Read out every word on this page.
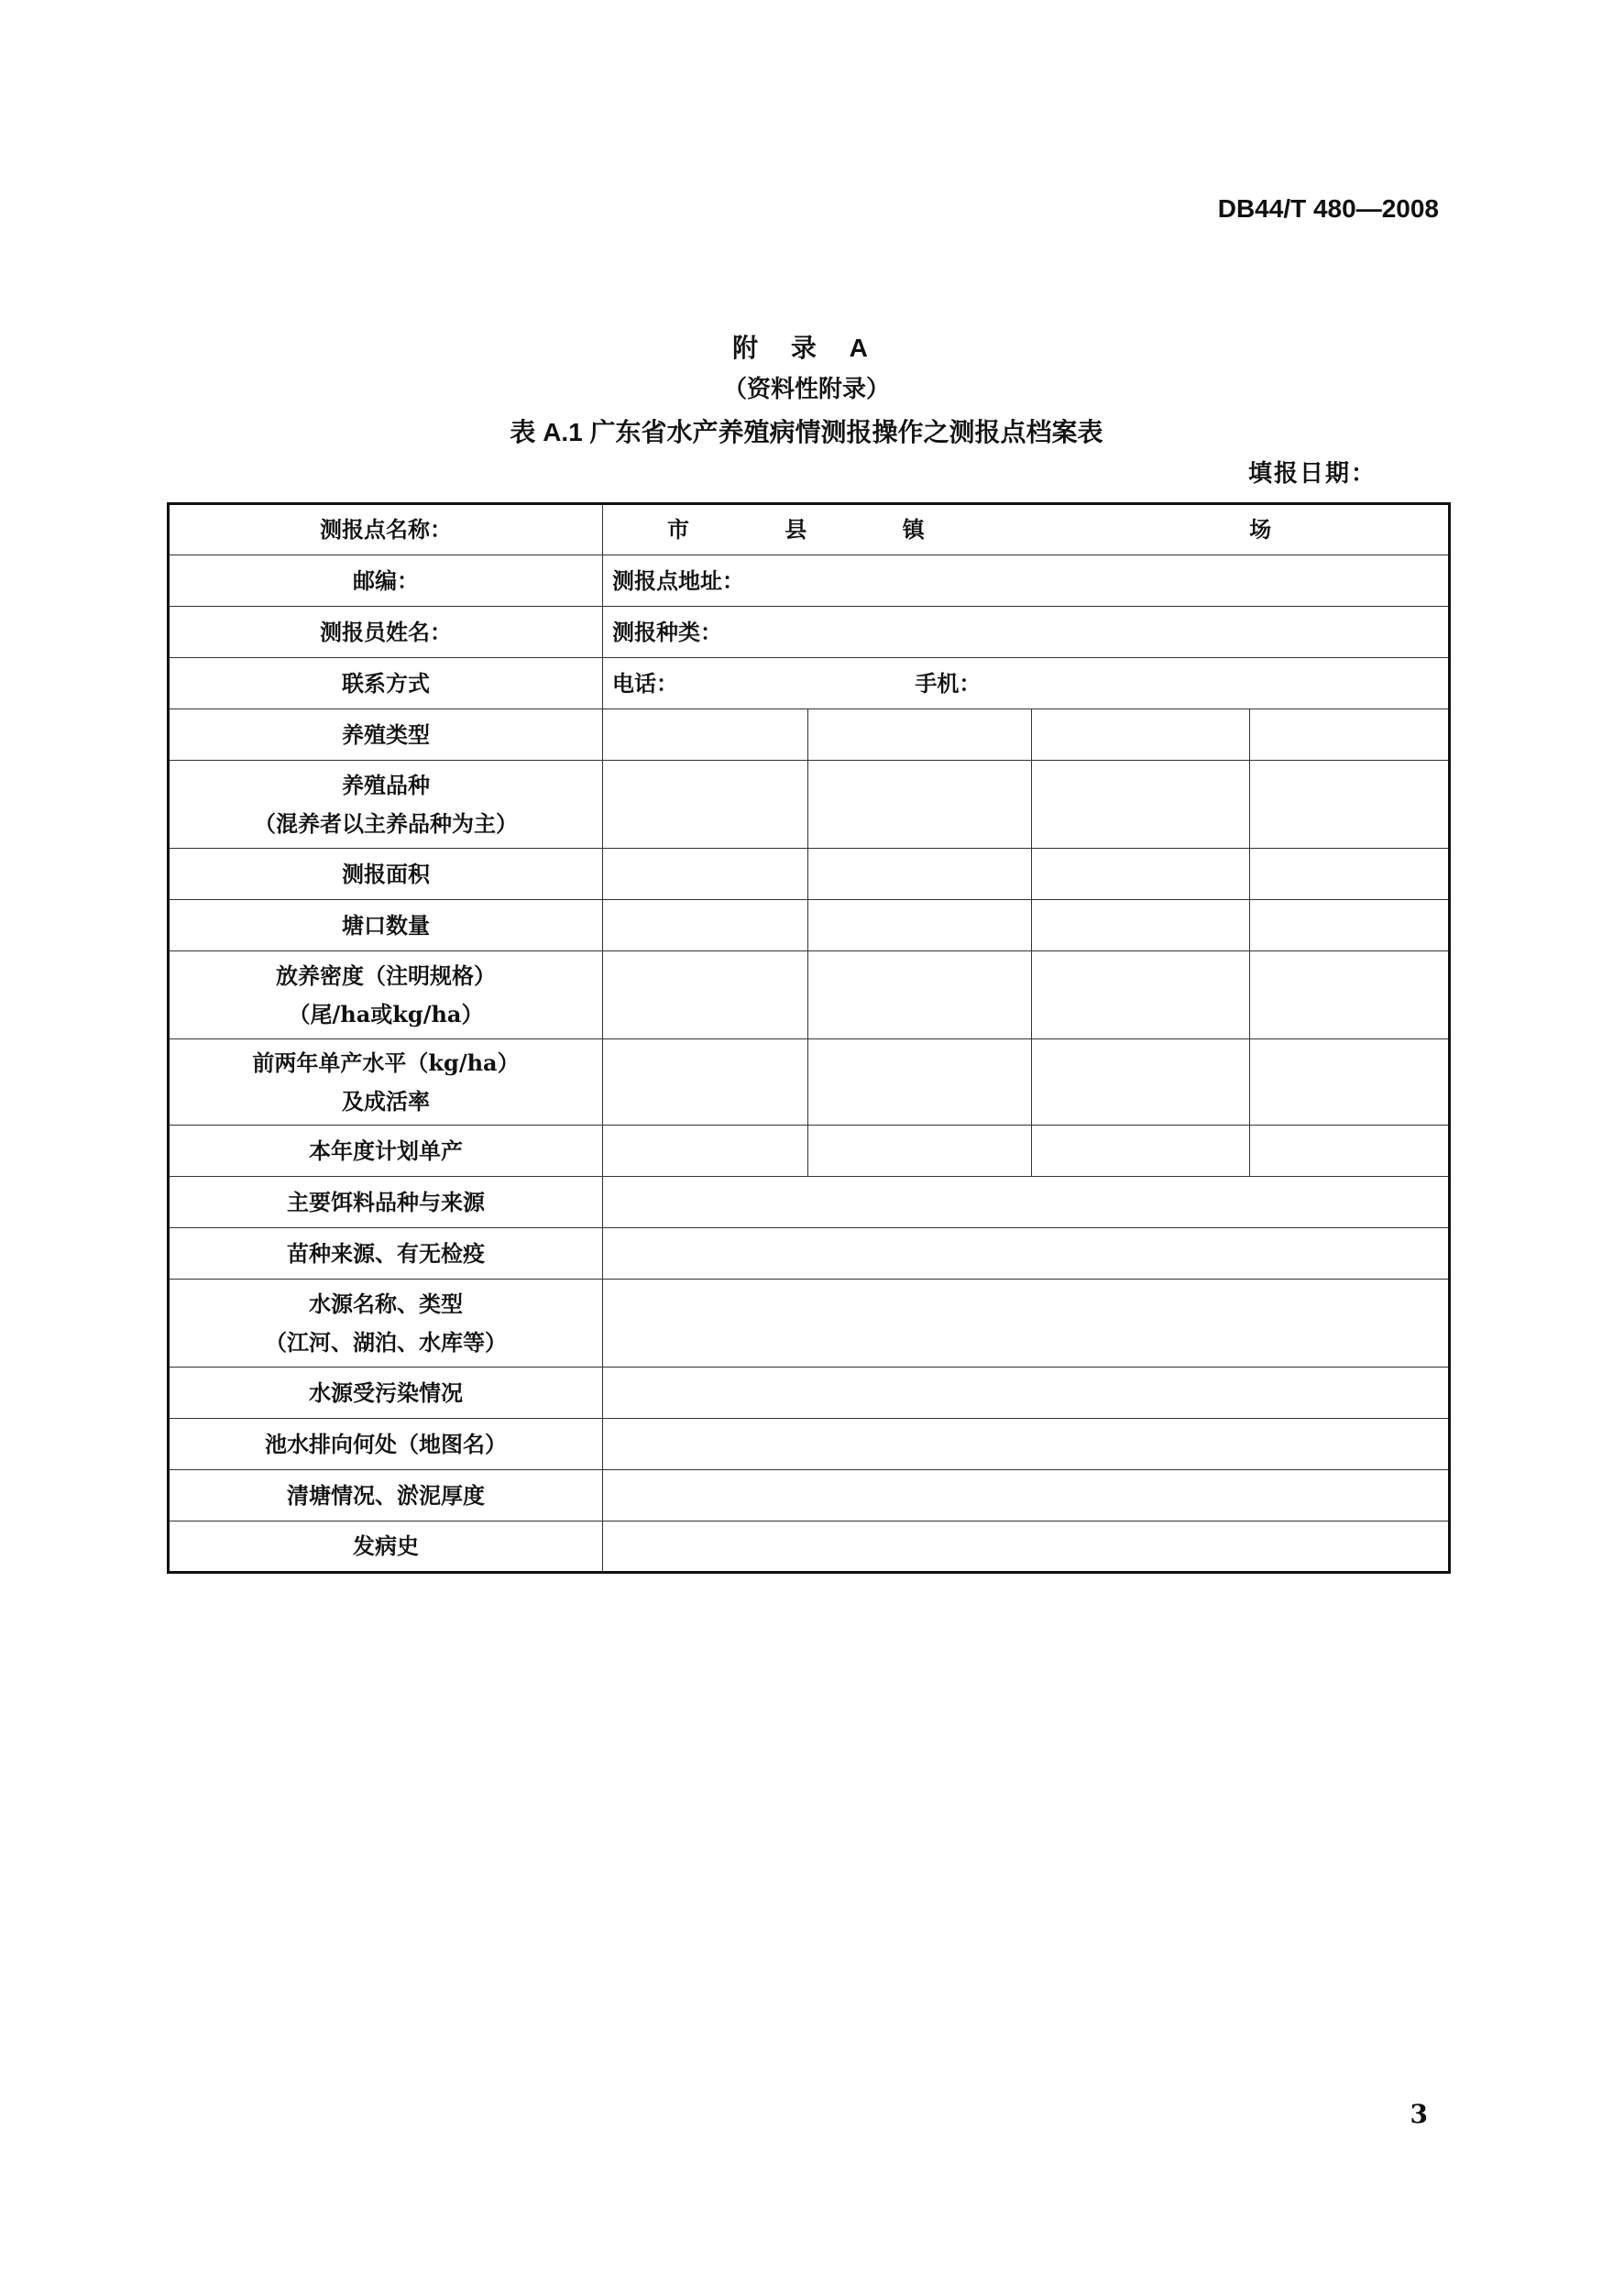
DB44/T 480—2008
附 录 A
（资料性附录）
表 A.1 广东省水产养殖病情测报操作之测报点档案表
填报日期：
测报点名称：	市 县 镇 场			
邮编：	测报点地址：			
测报员姓名：	测报种类：			
联系方式	电话： 手机：			

养殖类型				

养殖品种
（混养者以主养品种为主）				

测报面积				

塘口数量				

放养密度（注明规格）
（尾/ha或kg/ha）				

前两年单产水平（kg/ha）
及成活率				

本年度计划单产				

主要饵料品种与来源				

苗种来源、有无检疫				

水源名称、类型
（江河、湖泊、水库等）				

水源受污染情况				

池水排向何处（地图名）				

清塘情况、淤泥厚度				

发病史				

3
